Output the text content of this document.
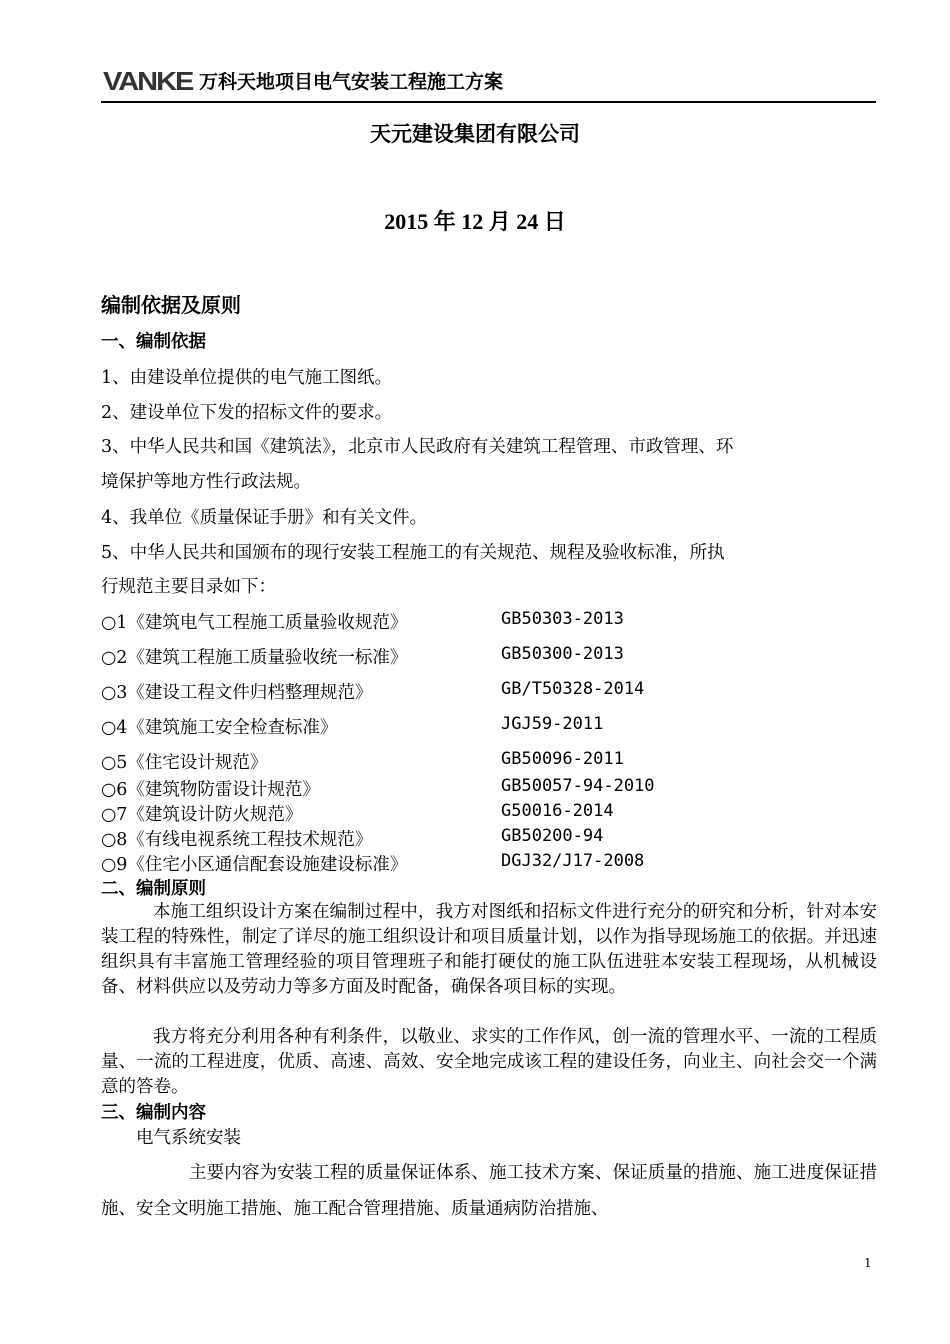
VANKE 万科天地项目电气安装工程施工方案
天元建设集团有限公司
2015 年 12 月 24 日
编制依据及原则
一、编制依据
1、由建设单位提供的电气施工图纸。
2、建设单位下发的招标文件的要求。
3、中华人民共和国《建筑法》，北京市人民政府有关建筑工程管理、市政管理、环
境保护等地方性行政法规。
4、我单位《质量保证手册》和有关文件。
5、中华人民共和国颁布的现行安装工程施工的有关规范、规程及验收标准，所执
行规范主要目录如下：
○1《建筑电气工程施工质量验收规范》	GB50303-2013
○2《建筑工程施工质量验收统一标准》	GB50300-2013
○3《建设工程文件归档整理规范》	GB/T50328-2014
○4《建筑施工安全检查标准》	JGJ59-2011
○5《住宅设计规范》	GB50096-2011
○6《建筑物防雷设计规范》	GB50057-94-2010
○7《建筑设计防火规范》	G50016-2014
○8《有线电视系统工程技术规范》	GB50200-94
○9《住宅小区通信配套设施建设标准》	DGJ32/J17-2008
二、编制原则
本施工组织设计方案在编制过程中，我方对图纸和招标文件进行充分的研究和分析，针对本安装工程的特殊性，制定了详尽的施工组织设计和项目质量计划，以作为指导现场施工的依据。并迅速组织具有丰富施工管理经验的项目管理班子和能打硬仗的施工队伍进驻本安装工程现场，从机械设备、材料供应以及劳动力等多方面及时配备，确保各项目标的实现。
我方将充分利用各种有利条件，以敬业、求实的工作作风，创一流的管理水平、一流的工程质量、一流的工程进度，优质、高速、高效、安全地完成该工程的建设任务，向业主、向社会交一个满意的答卷。
三、编制内容
电气系统安装
主要内容为安装工程的质量保证体系、施工技术方案、保证质量的措施、施工进度保证措施、安全文明施工措施、施工配合管理措施、质量通病防治措施、
1
